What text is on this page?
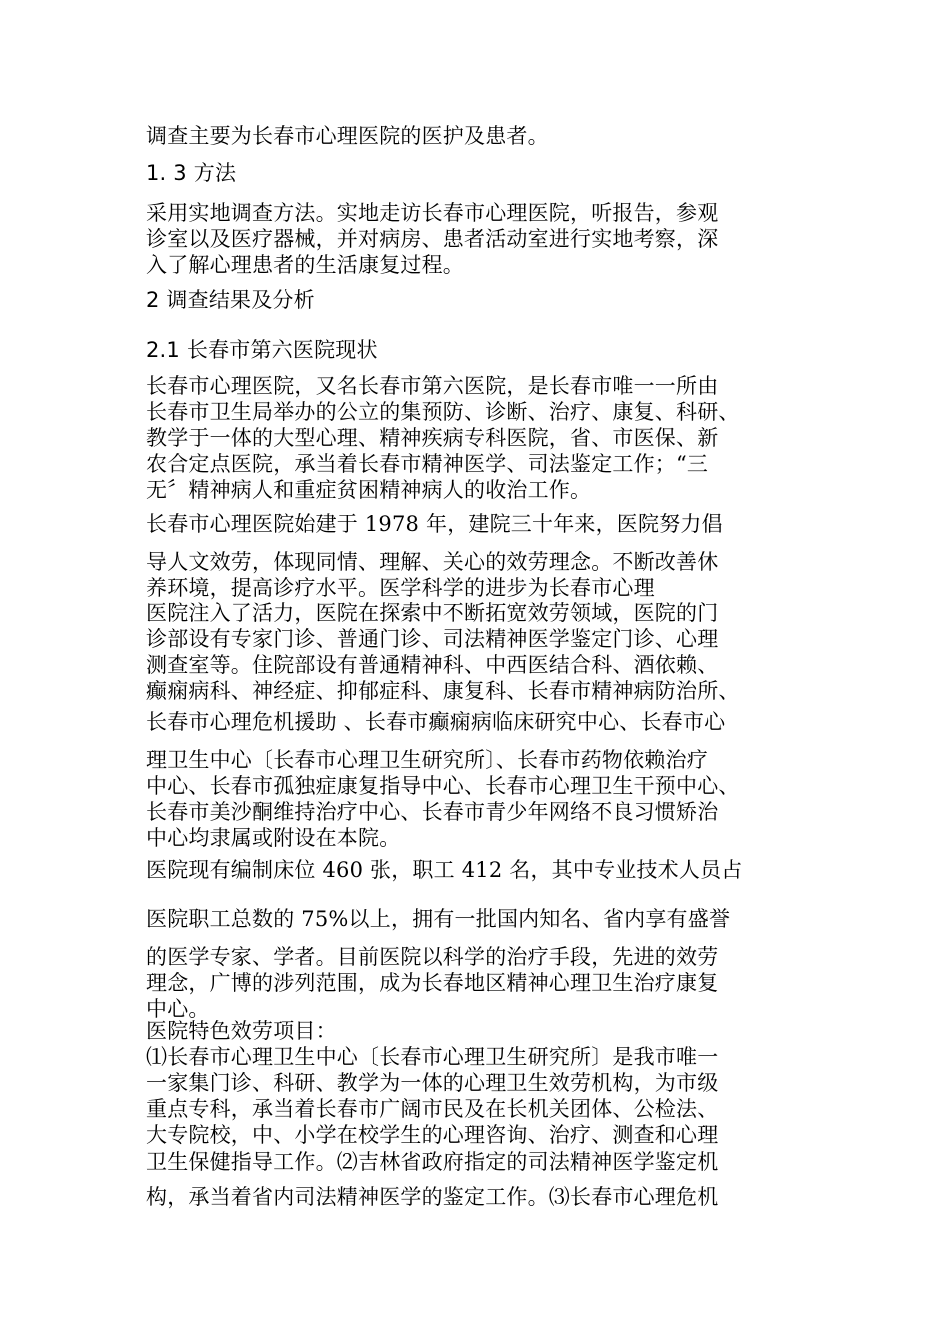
调查主要为长春市心理医院的医护及患者。
1. 3 方法
采用实地调查方法。实地走访长春市心理医院，听报告，参观
诊室以及医疗器械，并对病房、患者活动室进行实地考察，深
入了解心理患者的生活康复过程。
2 调查结果及分析
2.1 长春市第六医院现状
长春市心理医院，又名长春市第六医院，是长春市唯一一所由
长春市卫生局举办的公立的集预防、诊断、治疗、康复、科研、
教学于一体的大型心理、精神疾病专科医院，省、市医保、新
农合定点医院，承当着长春市精神医学、司法鉴定工作；“三
无〞精神病人和重症贫困精神病人的收治工作。
长春市心理医院始建于 1978 年，建院三十年来，医院努力倡
导人文效劳，体现同情、理解、关心的效劳理念。不断改善休
养环境，提高诊疗水平。医学科学的进步为长春市心理
医院注入了活力，医院在探索中不断拓宽效劳领域，医院的门
诊部设有专家门诊、普通门诊、司法精神医学鉴定门诊、心理
测查室等。住院部设有普通精神科、中西医结合科、酒依赖、
癫痫病科、神经症、抑郁症科、康复科、长春市精神病防治所、
长春市心理危机援助 、长春市癫痫病临床研究中心、长春市心
理卫生中心〔长春市心理卫生研究所〕、长春市药物依赖治疗
中心、长春市孤独症康复指导中心、长春市心理卫生干预中心、
长春市美沙酮维持治疗中心、长春市青少年网络不良习惯矫治
中心均隶属或附设在本院。
医院现有编制床位 460 张，职工 412 名，其中专业技术人员占
医院职工总数的 75%以上，拥有一批国内知名、省内享有盛誉
的医学专家、学者。目前医院以科学的治疗手段，先进的效劳
理念，广博的涉列范围，成为长春地区精神心理卫生治疗康复
中心。
医院特色效劳项目：
⑴长春市心理卫生中心〔长春市心理卫生研究所〕是我市唯一
一家集门诊、科研、教学为一体的心理卫生效劳机构，为市级
重点专科，承当着长春市广阔市民及在长机关团体、公检法、
大专院校，中、小学在校学生的心理咨询、治疗、测查和心理
卫生保健指导工作。⑵吉林省政府指定的司法精神医学鉴定机
构，承当着省内司法精神医学的鉴定工作。⑶长春市心理危机
